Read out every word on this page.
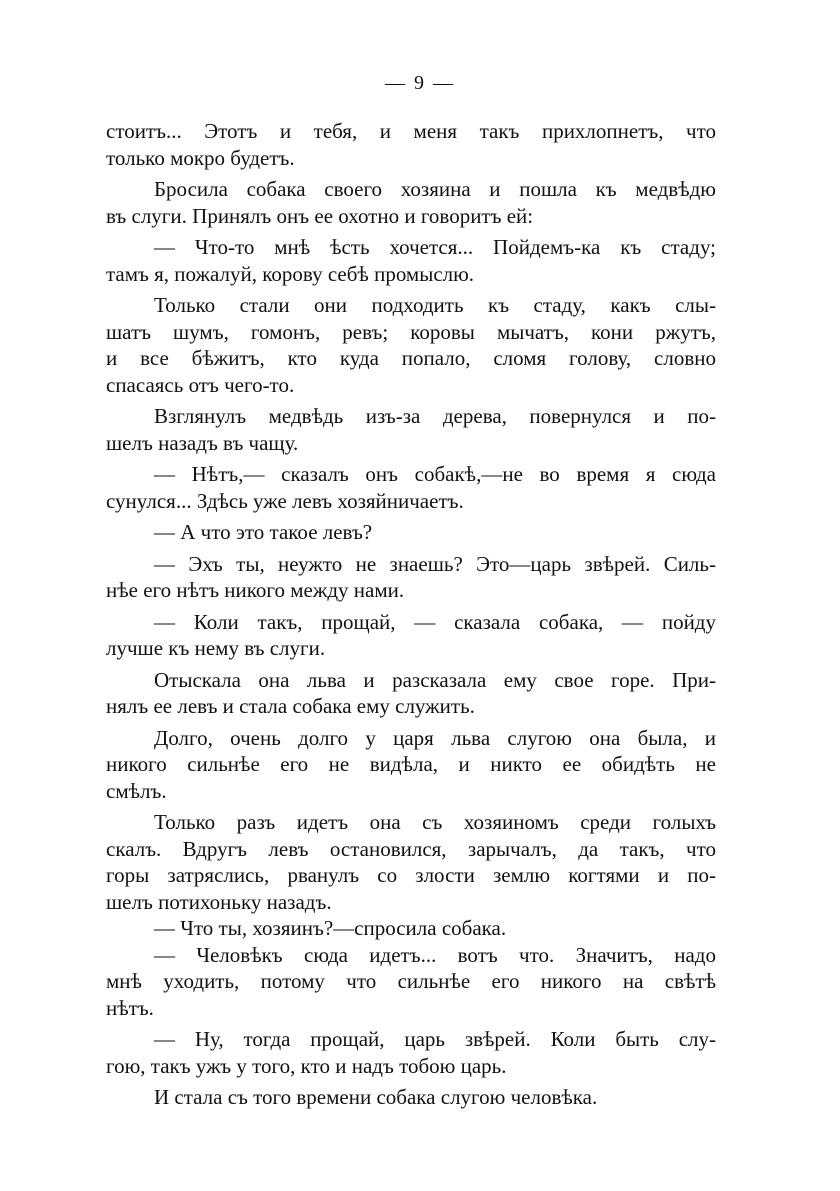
— 9 —
стоитъ... Этотъ и тебя, и меня такъ прихлопнетъ, что
только мокро будетъ.
Бросила собака своего хозяина и пошла къ медвѣдю
въ слуги. Принялъ онъ ее охотно и говоритъ ей:
— Что-то мнѣ ѣсть хочется... Пойдемъ-ка къ стаду;
тамъ я, пожалуй, корову себѣ промыслю.
Только стали они подходить къ стаду, какъ слы-
шатъ шумъ, гомонъ, ревъ; коровы мычатъ, кони ржутъ,
и все бѣжитъ, кто куда попало, сломя голову, словно
спасаясь отъ чего-то.
Взглянулъ медвѣдь изъ-за дерева, повернулся и по-
шелъ назадъ въ чащу.
— Нѣтъ,— сказалъ онъ собакѣ,—не во время я сюда
сунулся... Здѣсь уже левъ хозяйничаетъ.
— А что это такое левъ?
— Эхъ ты, неужто не знаешь? Это—царь звѣрей. Силь-
нѣе его нѣтъ никого между нами.
— Коли такъ, прощай, — сказала собака, — пойду
лучше къ нему въ слуги.
Отыскала она льва и разсказала ему свое горе. При-
нялъ ее левъ и стала собака ему служить.
Долго, очень долго у царя льва слугою она была, и
никого сильнѣе его не видѣла, и никто ее обидѣть не
смѣлъ.
Только разъ идетъ она съ хозяиномъ среди голыхъ
скалъ. Вдругъ левъ остановился, зарычалъ, да такъ, что
горы затряслись, рванулъ со злости землю когтями и по-
шелъ потихоньку назадъ.
— Что ты, хозяинъ?—спросила собака.
— Человѣкъ сюда идетъ... вотъ что. Значитъ, надо
мнѣ уходить, потому что сильнѣе его никого на свѣтѣ
нѣтъ.
— Ну, тогда прощай, царь звѣрей. Коли быть слу-
гою, такъ ужъ у того, кто и надъ тобою царь.
И стала съ того времени собака слугою человѣка.
